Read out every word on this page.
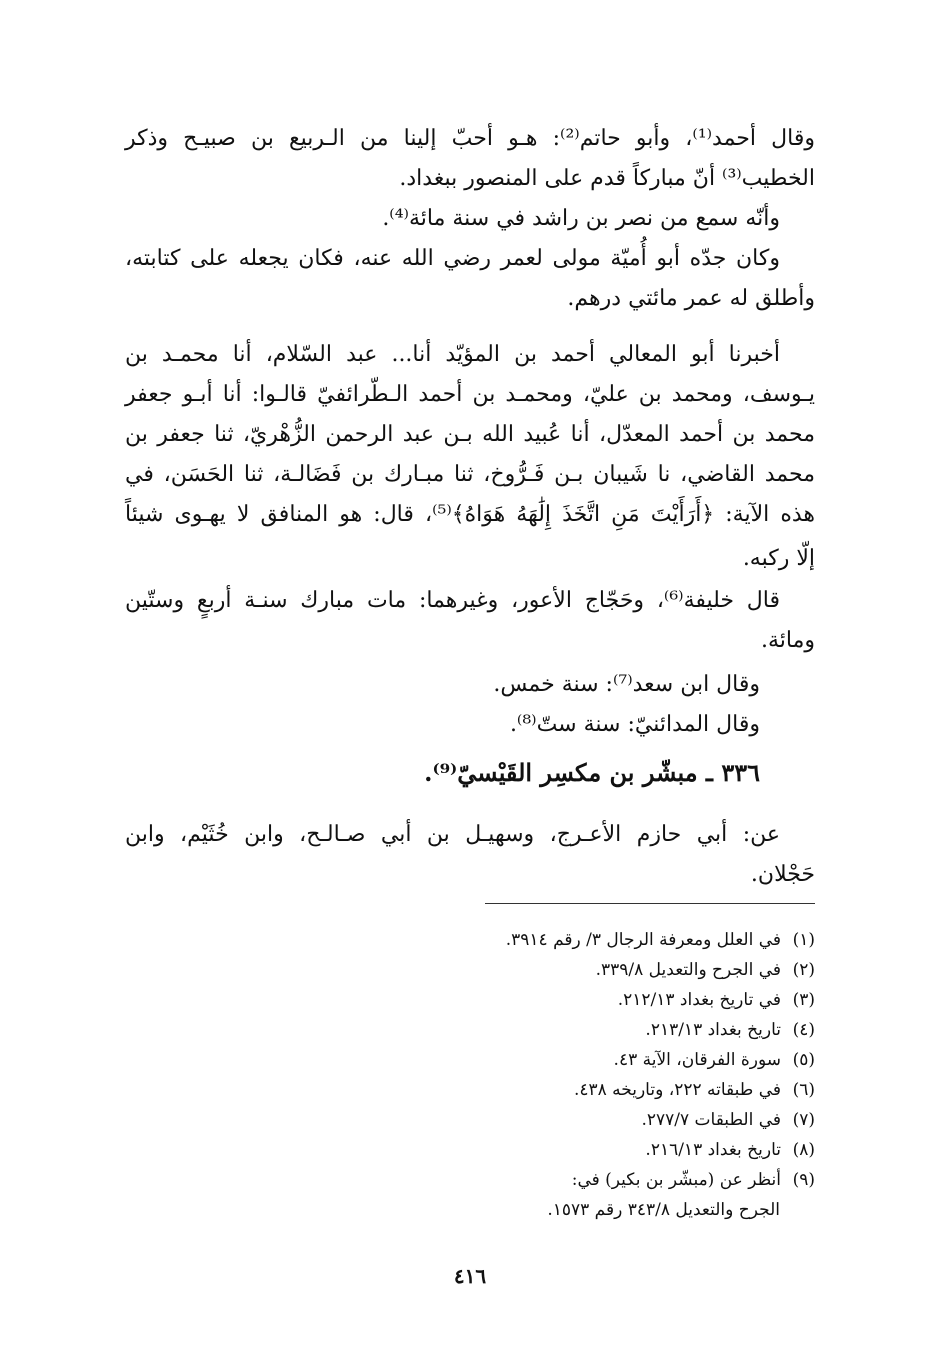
وقال أحمد⁽¹⁾، وأبو حاتم⁽²⁾: هـو أحبّ إلينا من الـربيع بن صبيـح وذكر
الخطيب⁽³⁾ أنّ مباركاً قدم على المنصور ببغداد.
وأنّه سمع من نصر بن راشد في سنة مائة⁽⁴⁾.
وكان جدّه أبو أُميّة مولى لعمر رضي الله عنه، فكان يجعله على كتابته،
وأطلق له عمر مائتي درهم.
أخبرنا أبو المعالي أحمد بن المؤيّد أنا... عبد السّلام، أنا محمـد بن
يـوسف، ومحمد بن عليّ، ومحمـد بن أحمد الـطّرائفيّ قالـوا: أنا أبـو جعفر
محمد بن أحمد المعدّل، أنا عُبيد الله بـن عبد الرحمن الزُّهْريّ، ثنا جعفر بن
محمد القاضي، نا شَيبان بـن فَـرُّوخ، ثنا مبـارك بن فَضَالـة، ثنا الحَسَن، في
هذه الآية: ﴿أَرَأَيْتَ مَنِ اتَّخَذَ إِلَٰهَهُ هَوَاهُ﴾⁽⁵⁾، قال: هو المنافق لا يهـوى شيئاً
إلّا ركبه.
قال خليفة⁽⁶⁾، وحَجّاج الأعور، وغيرهما: مات مبارك سنـة أربعٍ وستّين
ومائة.
وقال ابن سعد⁽⁷⁾: سنة خمس.
وقال المدائنيّ: سنة ستّ⁽⁸⁾.
٣٣٦ ـ مبشّر بن مكسِر القَيْسيّ⁽⁹⁾.
عن: أبي حازم الأعـرج، وسهيـل بن أبي صـالـح، وابن خُثَيْم، وابن
حَجْلان.
(١)في العلل ومعرفة الرجال ٣/ رقم ٣٩١٤.
(٢)في الجرح والتعديل ٣٣٩/٨.
(٣)في تاريخ بغداد ٢١٢/١٣.
(٤)تاريخ بغداد ٢١٣/١٣.
(٥)سورة الفرقان، الآية ٤٣.
(٦)في طبقاته ٢٢٢، وتاريخه ٤٣٨.
(٧)في الطبقات ٢٧٧/٧.
(٨)تاريخ بغداد ٢١٦/١٣.
(٩)أنظر عن (مبشّر بن بكير) في:
الجرح والتعديل ٣٤٣/٨ رقم ١٥٧٣.
٤١٦
